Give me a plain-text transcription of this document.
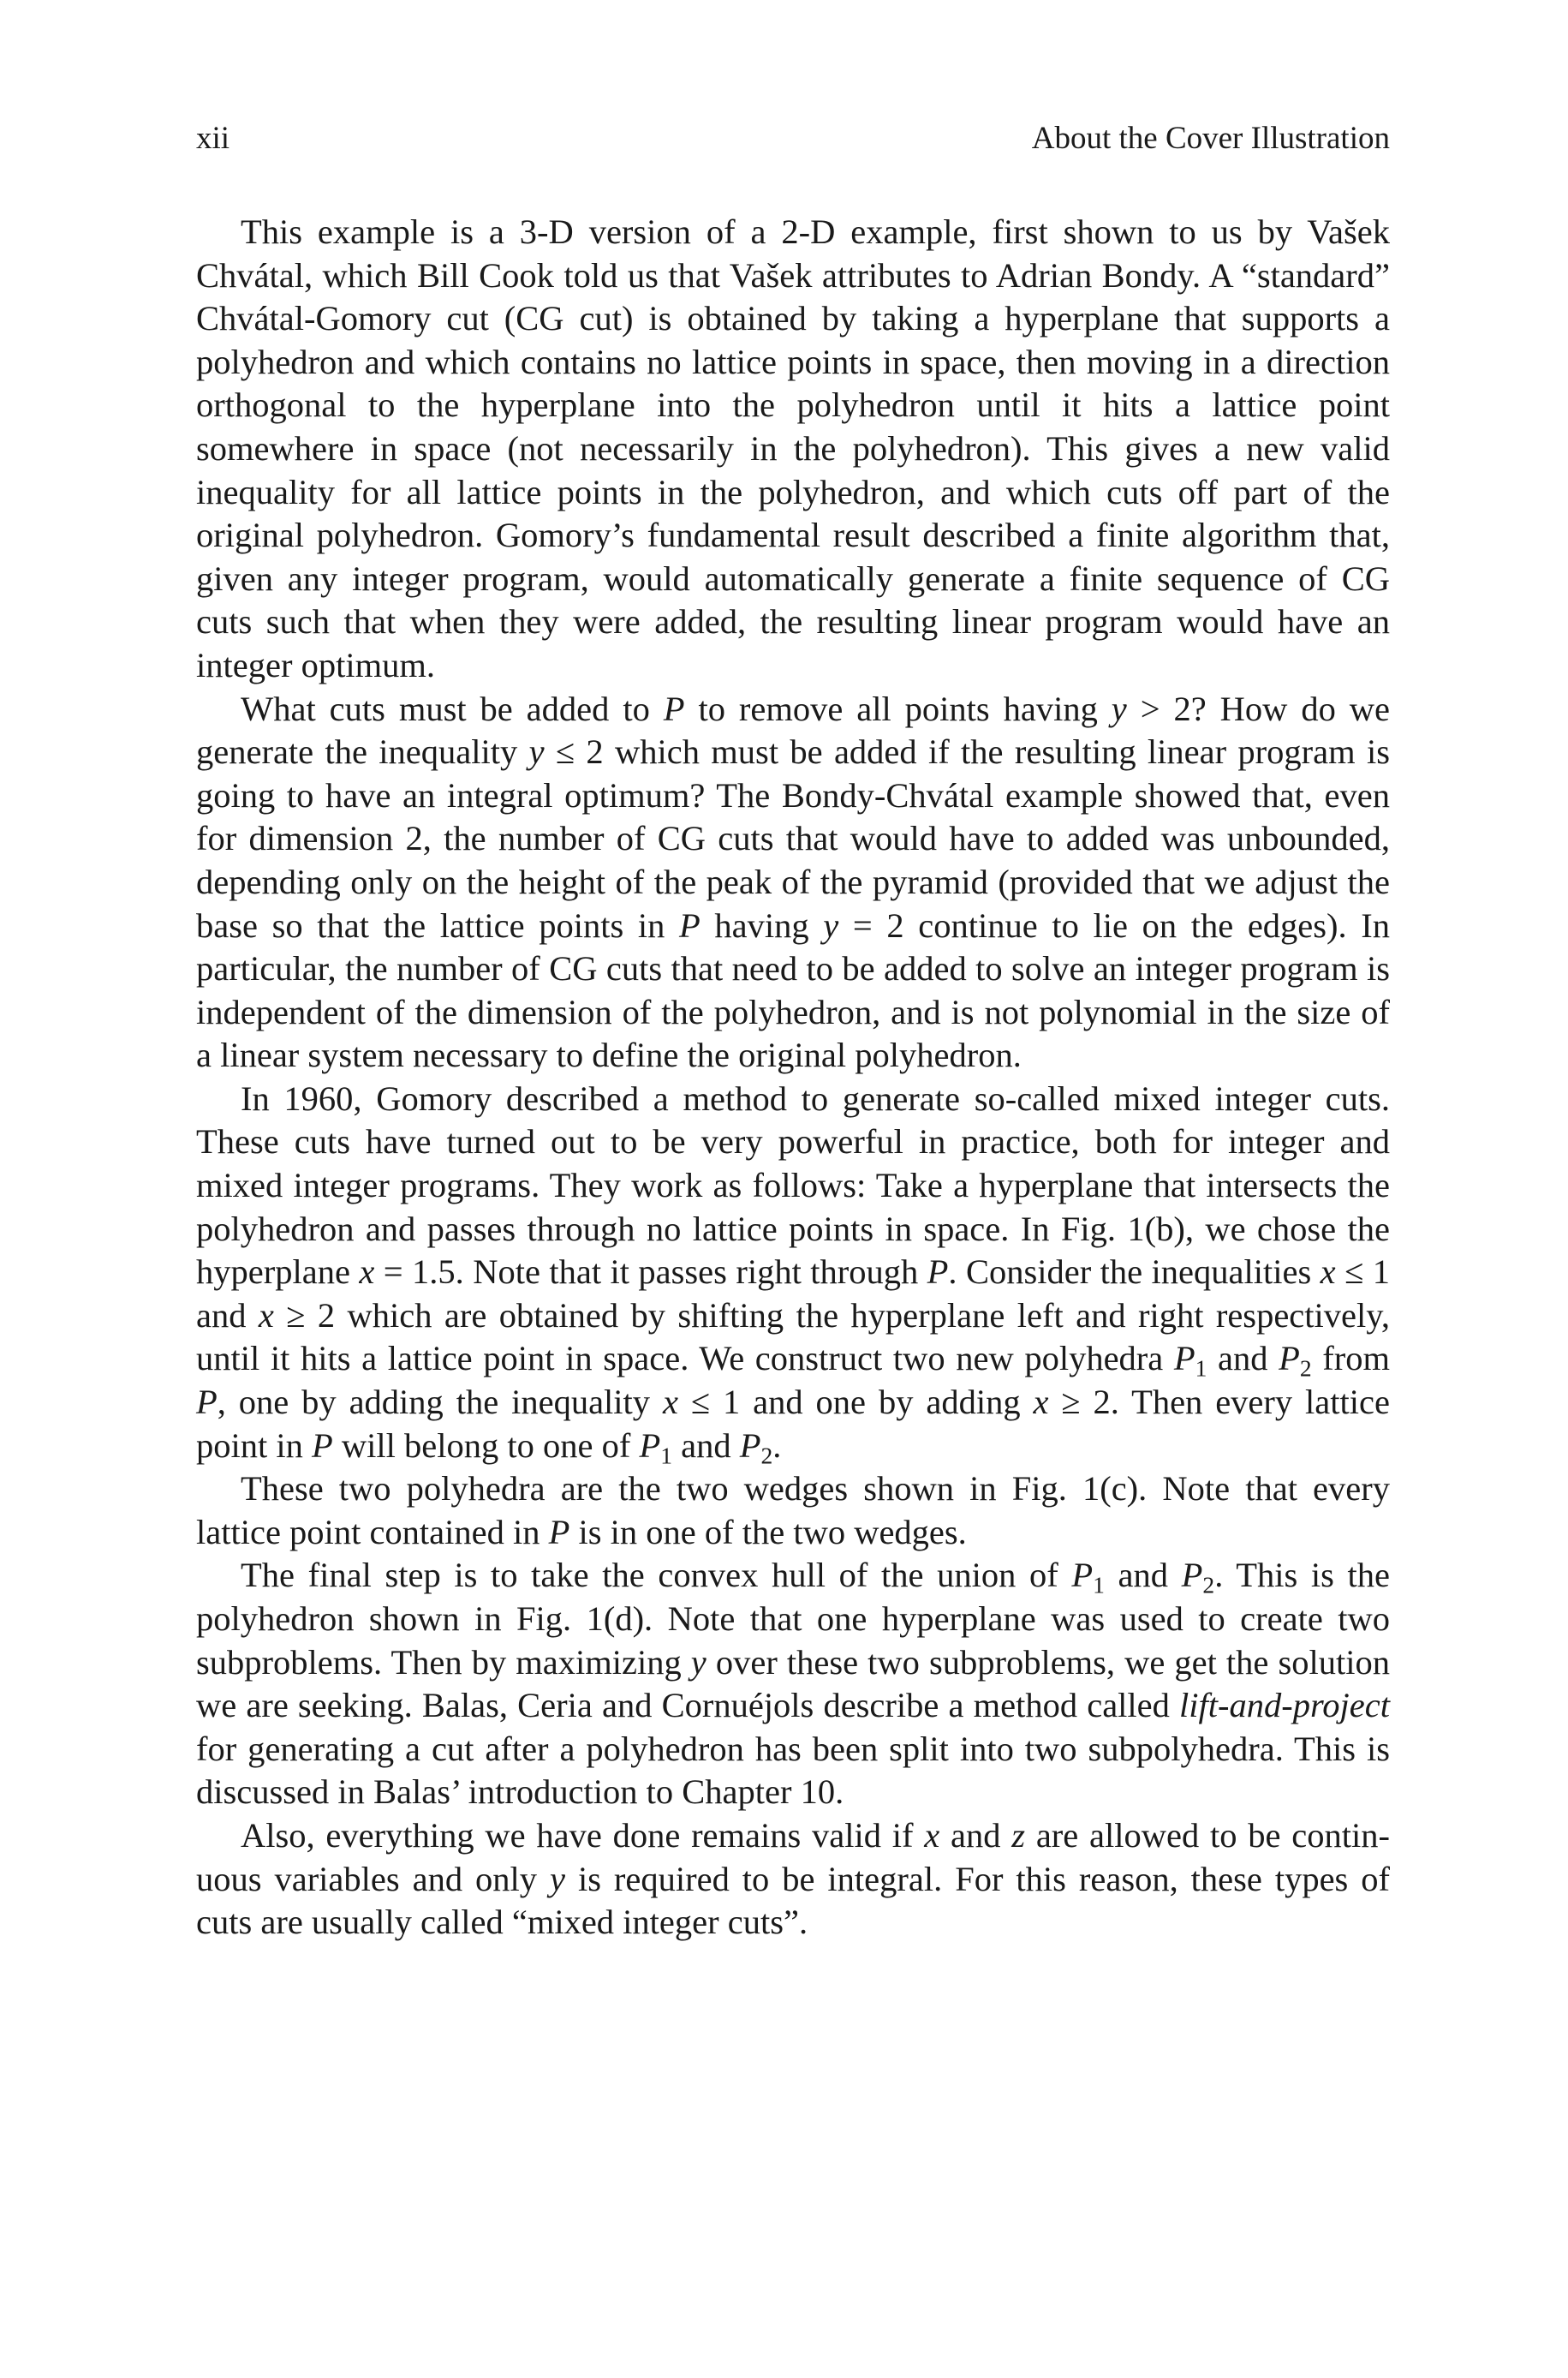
xii	About the Cover Illustration

This example is a 3-D version of a 2-D example, first shown to us by Vašek Chvátal, which Bill Cook told us that Vašek attributes to Adrian Bondy. A “standard” Chvátal-Gomory cut (CG cut) is obtained by taking a hyperplane that supports a polyhedron and which contains no lattice points in space, then moving in a direction orthogonal to the hyperplane into the polyhedron until it hits a lattice point somewhere in space (not necessarily in the polyhedron). This gives a new valid inequality for all lattice points in the polyhedron, and which cuts off part of the original polyhedron. Gomory’s fundamental result described a finite algorithm that, given any integer program, would automatically generate a finite sequence of CG cuts such that when they were added, the resulting linear program would have an integer optimum.

What cuts must be added to P to remove all points having y > 2? How do we generate the inequality y ≤ 2 which must be added if the resulting linear program is going to have an integral optimum? The Bondy-Chvátal example showed that, even for dimension 2, the number of CG cuts that would have to added was unbounded, depending only on the height of the peak of the pyramid (provided that we adjust the base so that the lattice points in P having y = 2 continue to lie on the edges). In particular, the number of CG cuts that need to be added to solve an integer program is independent of the dimension of the polyhedron, and is not polynomial in the size of a linear system necessary to define the original polyhedron.

In 1960, Gomory described a method to generate so-called mixed integer cuts. These cuts have turned out to be very powerful in practice, both for integer and mixed integer programs. They work as follows: Take a hyperplane that intersects the polyhedron and passes through no lattice points in space. In Fig. 1(b), we chose the hyperplane x = 1.5. Note that it passes right through P. Consider the inequalities x ≤ 1 and x ≥ 2 which are obtained by shifting the hyperplane left and right respectively, until it hits a lattice point in space. We construct two new polyhedra $P_1$ and $P_2$ from P, one by adding the inequality x ≤ 1 and one by adding x ≥ 2. Then every lattice point in P will belong to one of $P_1$ and $P_2$.

These two polyhedra are the two wedges shown in Fig. 1(c). Note that every lattice point contained in P is in one of the two wedges.

The final step is to take the convex hull of the union of $P_1$ and $P_2$. This is the polyhedron shown in Fig. 1(d). Note that one hyperplane was used to create two subproblems. Then by maximizing y over these two subproblems, we get the solution we are seeking. Balas, Ceria and Cornuéjols describe a method called lift-and-project for generating a cut after a polyhedron has been split into two subpolyhedra. This is discussed in Balas’ introduction to Chapter 10.

Also, everything we have done remains valid if x and z are allowed to be continuous variables and only y is required to be integral. For this reason, these types of cuts are usually called “mixed integer cuts”.
